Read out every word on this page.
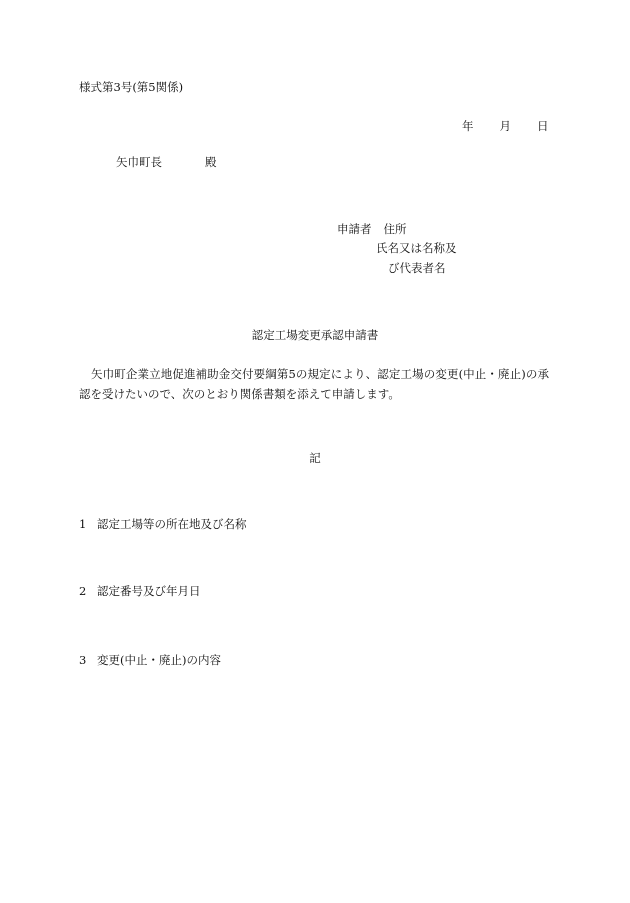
様式第3号(第5関係)
年 月 日
矢巾町長	殿
申請者 住所
氏名又は名称及
び代表者名
認定工場変更承認申請書
矢巾町企業立地促進補助金交付要綱第5の規定により、認定工場の変更(中止・廃止)の承認を受けたいので、次のとおり関係書類を添えて申請します。
記
1 認定工場等の所在地及び名称
2 認定番号及び年月日
3 変更(中止・廃止)の内容
